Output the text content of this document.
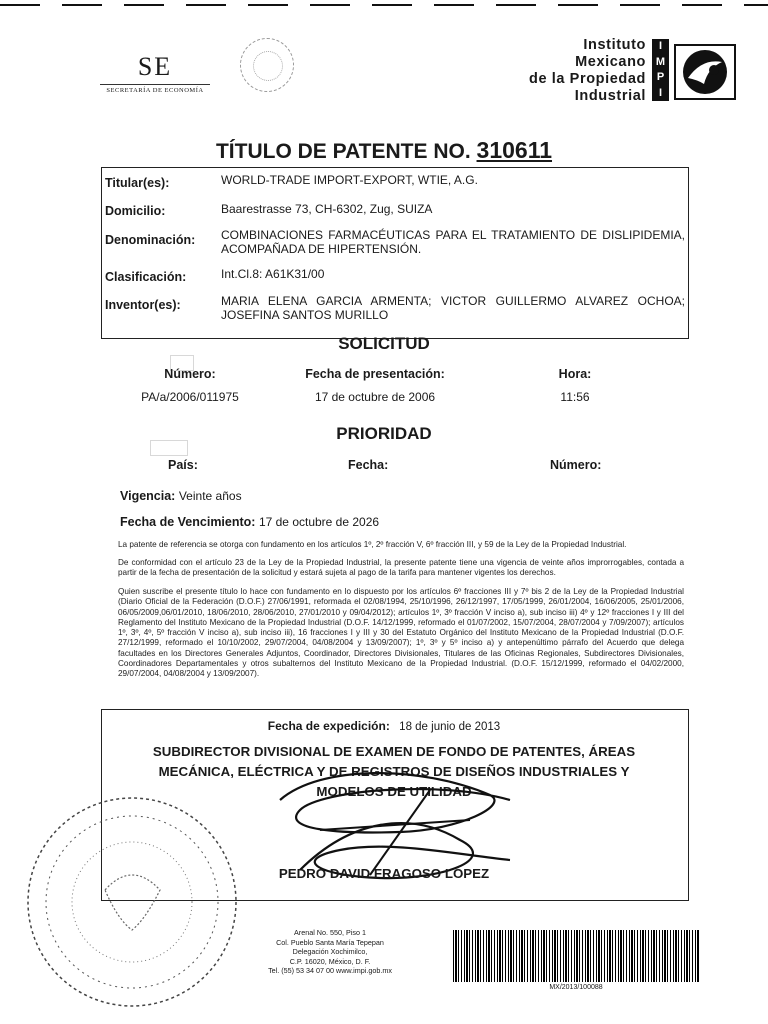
SE
SECRETARÍA DE ECONOMÍA
Instituto
Mexicano
de la Propiedad
Industrial
I
M
P
I
TÍTULO DE PATENTE NO. 310611
Titular(es):	WORLD-TRADE IMPORT-EXPORT, WTIE, A.G.
Domicilio:	Baarestrasse 73, CH-6302, Zug, SUIZA
Denominación: COMBINACIONES FARMACÉUTICAS PARA EL TRATAMIENTO DE DISLIPIDEMIA, ACOMPAÑADA DE HIPERTENSIÓN.
Clasificación:	Int.Cl.8: A61K31/00
Inventor(es):	MARIA ELENA GARCIA ARMENTA; VICTOR GUILLERMO ALVAREZ OCHOA; JOSEFINA SANTOS MURILLO
SOLICITUD
Número:
PA/a/2006/011975
Fecha de presentación:
17 de octubre de 2006
Hora:
11:56
PRIORIDAD
País:	Fecha:	Número:
Vigencia: Veinte años
Fecha de Vencimiento: 17 de octubre de 2026
La patente de referencia se otorga con fundamento en los artículos 1º, 2º fracción V, 6º fracción III, y 59 de la Ley de la Propiedad Industrial.
De conformidad con el artículo 23 de la Ley de la Propiedad Industrial, la presente patente tiene una vigencia de veinte años improrrogables, contada a partir de la fecha de presentación de la solicitud y estará sujeta al pago de la tarifa para mantener vigentes los derechos.
Quien suscribe el presente título lo hace con fundamento en lo dispuesto por los artículos 6º fracciones III y 7º bis 2 de la Ley de la Propiedad Industrial (Diario Oficial de la Federación (D.O.F.) 27/06/1991, reformada el 02/08/1994, 25/10/1996, 26/12/1997, 17/05/1999, 26/01/2004, 16/06/2005, 25/01/2006, 06/05/2009,06/01/2010, 18/06/2010, 28/06/2010, 27/01/2010 y 09/04/2012); artículos 1º, 3º fracción V inciso a), sub inciso iii) 4º y 12º fracciones I y III del Reglamento del Instituto Mexicano de la Propiedad Industrial (D.O.F. 14/12/1999, reformado el 01/07/2002, 15/07/2004, 28/07/2004 y 7/09/2007); artículos 1º, 3º, 4º, 5º fracción V inciso a), sub inciso iii), 16 fracciones I y III y 30 del Estatuto Orgánico del Instituto Mexicano de la Propiedad Industrial (D.O.F. 27/12/1999, reformado el 10/10/2002, 29/07/2004, 04/08/2004 y 13/09/2007); 1º, 3º y 5º inciso a) y antepenúltimo párrafo del Acuerdo que delega facultades en los Directores Generales Adjuntos, Coordinador, Directores Divisionales, Titulares de las Oficinas Regionales, Subdirectores Divisionales, Coordinadores Departamentales y otros subalternos del Instituto Mexicano de la Propiedad Industrial. (D.O.F. 15/12/1999, reformado el 04/02/2000, 29/07/2004, 04/08/2004 y 13/09/2007).
Fecha de expedición: 18 de junio de 2013
SUBDIRECTOR DIVISIONAL DE EXAMEN DE FONDO DE PATENTES, ÁREAS
MECÁNICA, ELÉCTRICA Y DE REGISTROS DE DISEÑOS INDUSTRIALES Y
MODELOS DE UTILIDAD
PEDRO DAVID FRAGOSO LÓPEZ
Arenal No. 550, Piso 1
Col. Pueblo Santa María Tepepan
Delegación Xochimilco,
C.P. 16020, México, D. F.
Tel. (55) 53 34 07 00 www.impi.gob.mx
MX/2013/100088
